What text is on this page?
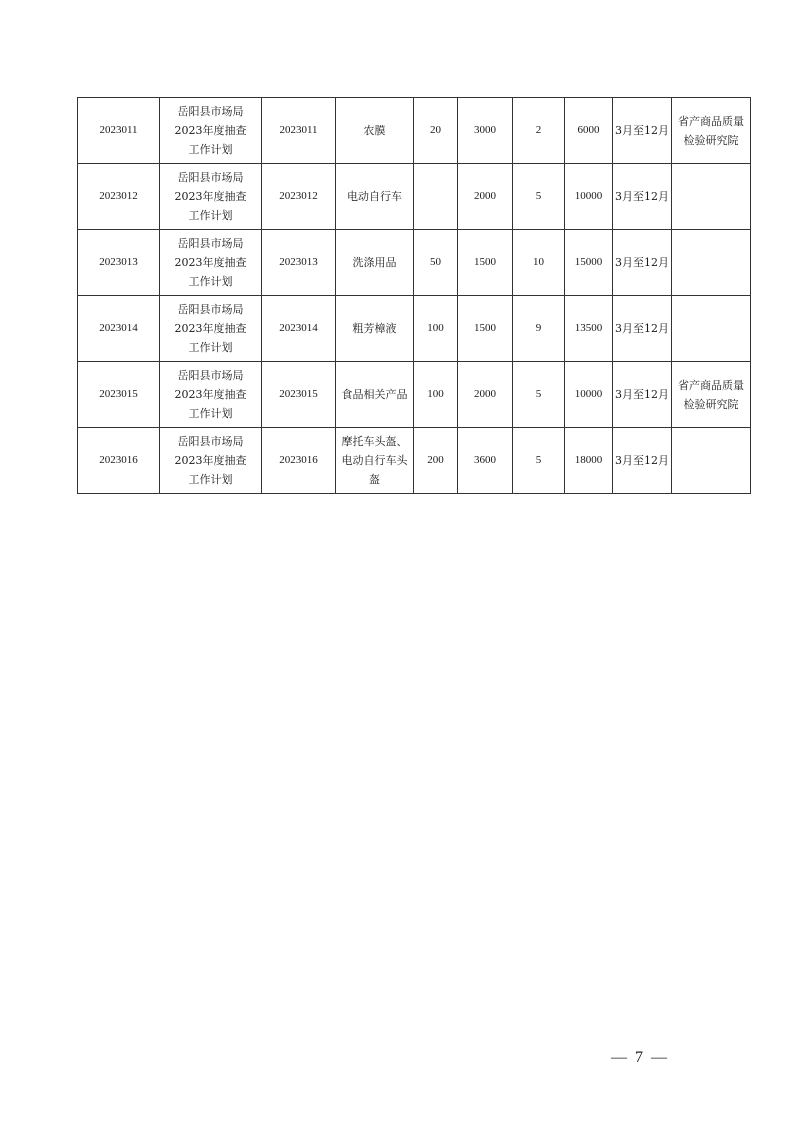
2023011	岳阳县市场局
2023年度抽查
工作计划	2023011	农膜	20	3000	2	6000	3月至12月	省产商品质量
检验研究院

2023012	岳阳县市场局
2023年度抽查
工作计划	2023012	电动自行车		2000	5	10000	3月至12月	
2023013	岳阳县市场局
2023年度抽查
工作计划	2023013	洗涤用品	50	1500	10	15000	3月至12月	
2023014	岳阳县市场局
2023年度抽查
工作计划	2023014	粗芳樟液	100	1500	9	13500	3月至12月	
2023015	岳阳县市场局
2023年度抽查
工作计划	2023015	食品相关产品	100	2000	5	10000	3月至12月	省产商品质量
检验研究院

2023016	岳阳县市场局
2023年度抽查
工作计划	2023016	摩托车头盔、
电动自行车头
盔	200	3600	5	18000	3月至12月	
— 7 —
